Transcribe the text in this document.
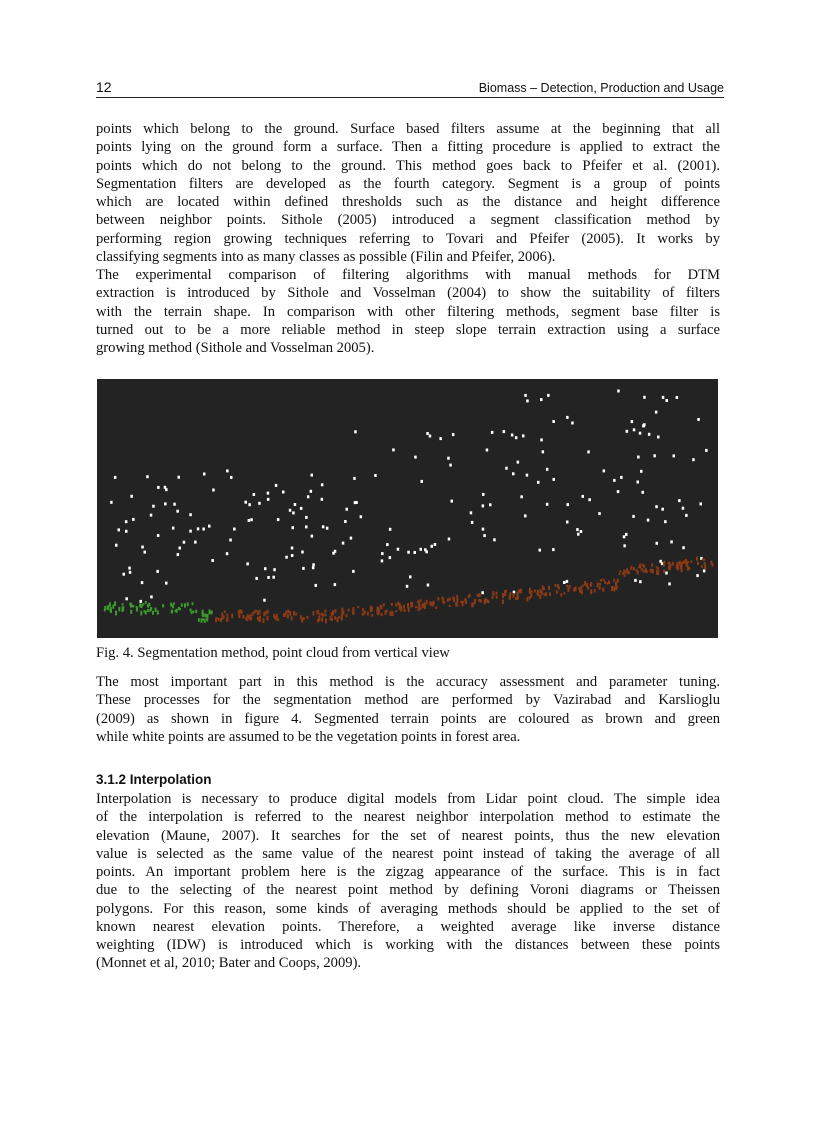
12	Biomass – Detection, Production and Usage
points which belong to the ground. Surface based filters assume at the beginning that all
points lying on the ground form a surface. Then a fitting procedure is applied to extract the
points which do not belong to the ground. This method goes back to Pfeifer et al. (2001).
Segmentation filters are developed as the fourth category. Segment is a group of points
which are located within defined thresholds such as the distance and height difference
between neighbor points. Sithole (2005) introduced a segment classification method by
performing region growing techniques referring to Tovari and Pfeifer (2005). It works by
classifying segments into as many classes as possible (Filin and Pfeifer, 2006).
The experimental comparison of filtering algorithms with manual methods for DTM
extraction is introduced by Sithole and Vosselman (2004) to show the suitability of filters
with the terrain shape. In comparison with other filtering methods, segment base filter is
turned out to be a more reliable method in steep slope terrain extraction using a surface
growing method (Sithole and Vosselman 2005).
Fig. 4. Segmentation method, point cloud from vertical view
The most important part in this method is the accuracy assessment and parameter tuning.
These processes for the segmentation method are performed by Vazirabad and Karslioglu
(2009) as shown in figure 4. Segmented terrain points are coloured as brown and green
while white points are assumed to be the vegetation points in forest area.
3.1.2 Interpolation
Interpolation is necessary to produce digital models from Lidar point cloud. The simple idea
of the interpolation is referred to the nearest neighbor interpolation method to estimate the
elevation (Maune, 2007). It searches for the set of nearest points, thus the new elevation
value is selected as the same value of the nearest point instead of taking the average of all
points. An important problem here is the zigzag appearance of the surface. This is in fact
due to the selecting of the nearest point method by defining Voroni diagrams or Theissen
polygons. For this reason, some kinds of averaging methods should be applied to the set of
known nearest elevation points. Therefore, a weighted average like inverse distance
weighting (IDW) is introduced which is working with the distances between these points
(Monnet et al, 2010; Bater and Coops, 2009).
